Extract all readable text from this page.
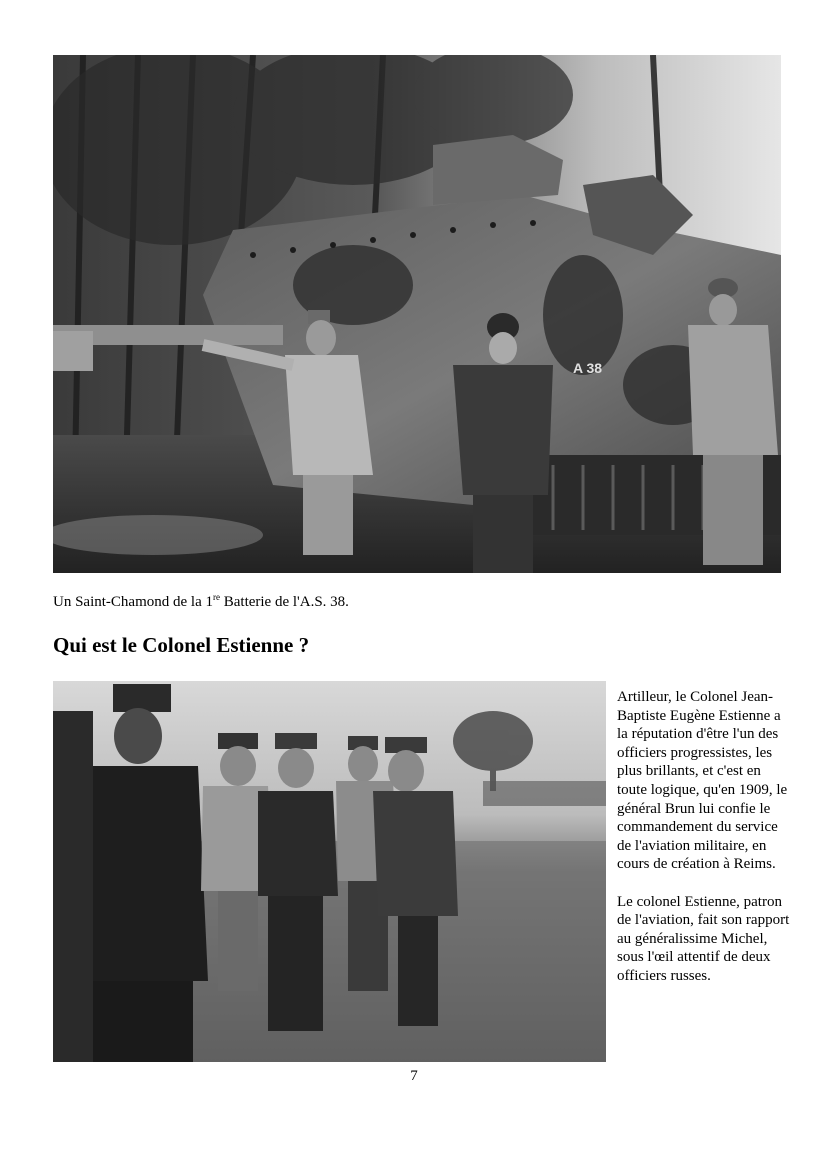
A 38
Un Saint-Chamond de la 1re Batterie de l'A.S. 38.
Qui est le Colonel Estienne ?

Artilleur, le Colonel Jean-Baptiste Eugène Estienne a la réputation d'être l'un des officiers progressistes, les plus brillants, et c'est en toute logique, qu'en 1909, le général Brun lui confie le commandement du service de l'aviation militaire, en cours de création à Reims.

Le colonel Estienne, patron de l'aviation, fait son rapport au généralissime Michel, sous l'œil attentif de deux officiers russes.

7
